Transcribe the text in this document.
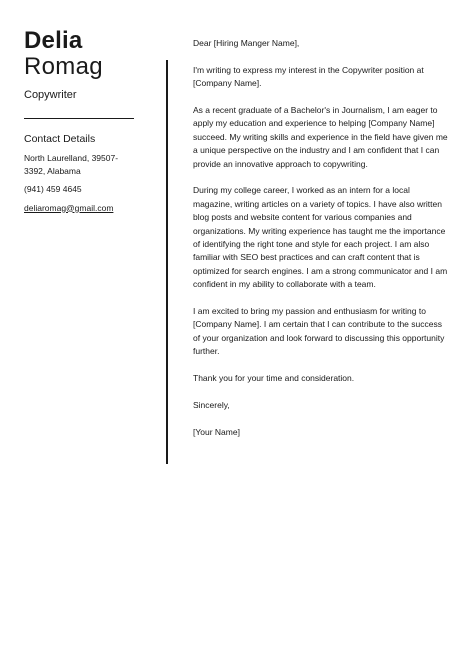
Delia
Romag
Copywriter
Contact Details
North Laurelland, 39507-
3392, Alabama
(941) 459 4645
deliaromag@gmail.com

Dear [Hiring Manger Name],

I'm writing to express my interest in the Copywriter position at [Company Name].

As a recent graduate of a Bachelor's in Journalism, I am eager to apply my education and experience to helping [Company Name] succeed. My writing skills and experience in the field have given me a unique perspective on the industry and I am confident that I can provide an innovative approach to copywriting.

During my college career, I worked as an intern for a local magazine, writing articles on a variety of topics. I have also written blog posts and website content for various companies and organizations. My writing experience has taught me the importance of identifying the right tone and style for each project. I am also familiar with SEO best practices and can craft content that is optimized for search engines. I am a strong communicator and I am confident in my ability to collaborate with a team.

I am excited to bring my passion and enthusiasm for writing to [Company Name]. I am certain that I can contribute to the success of your organization and look forward to discussing this opportunity further.

Thank you for your time and consideration.

Sincerely,

[Your Name]
